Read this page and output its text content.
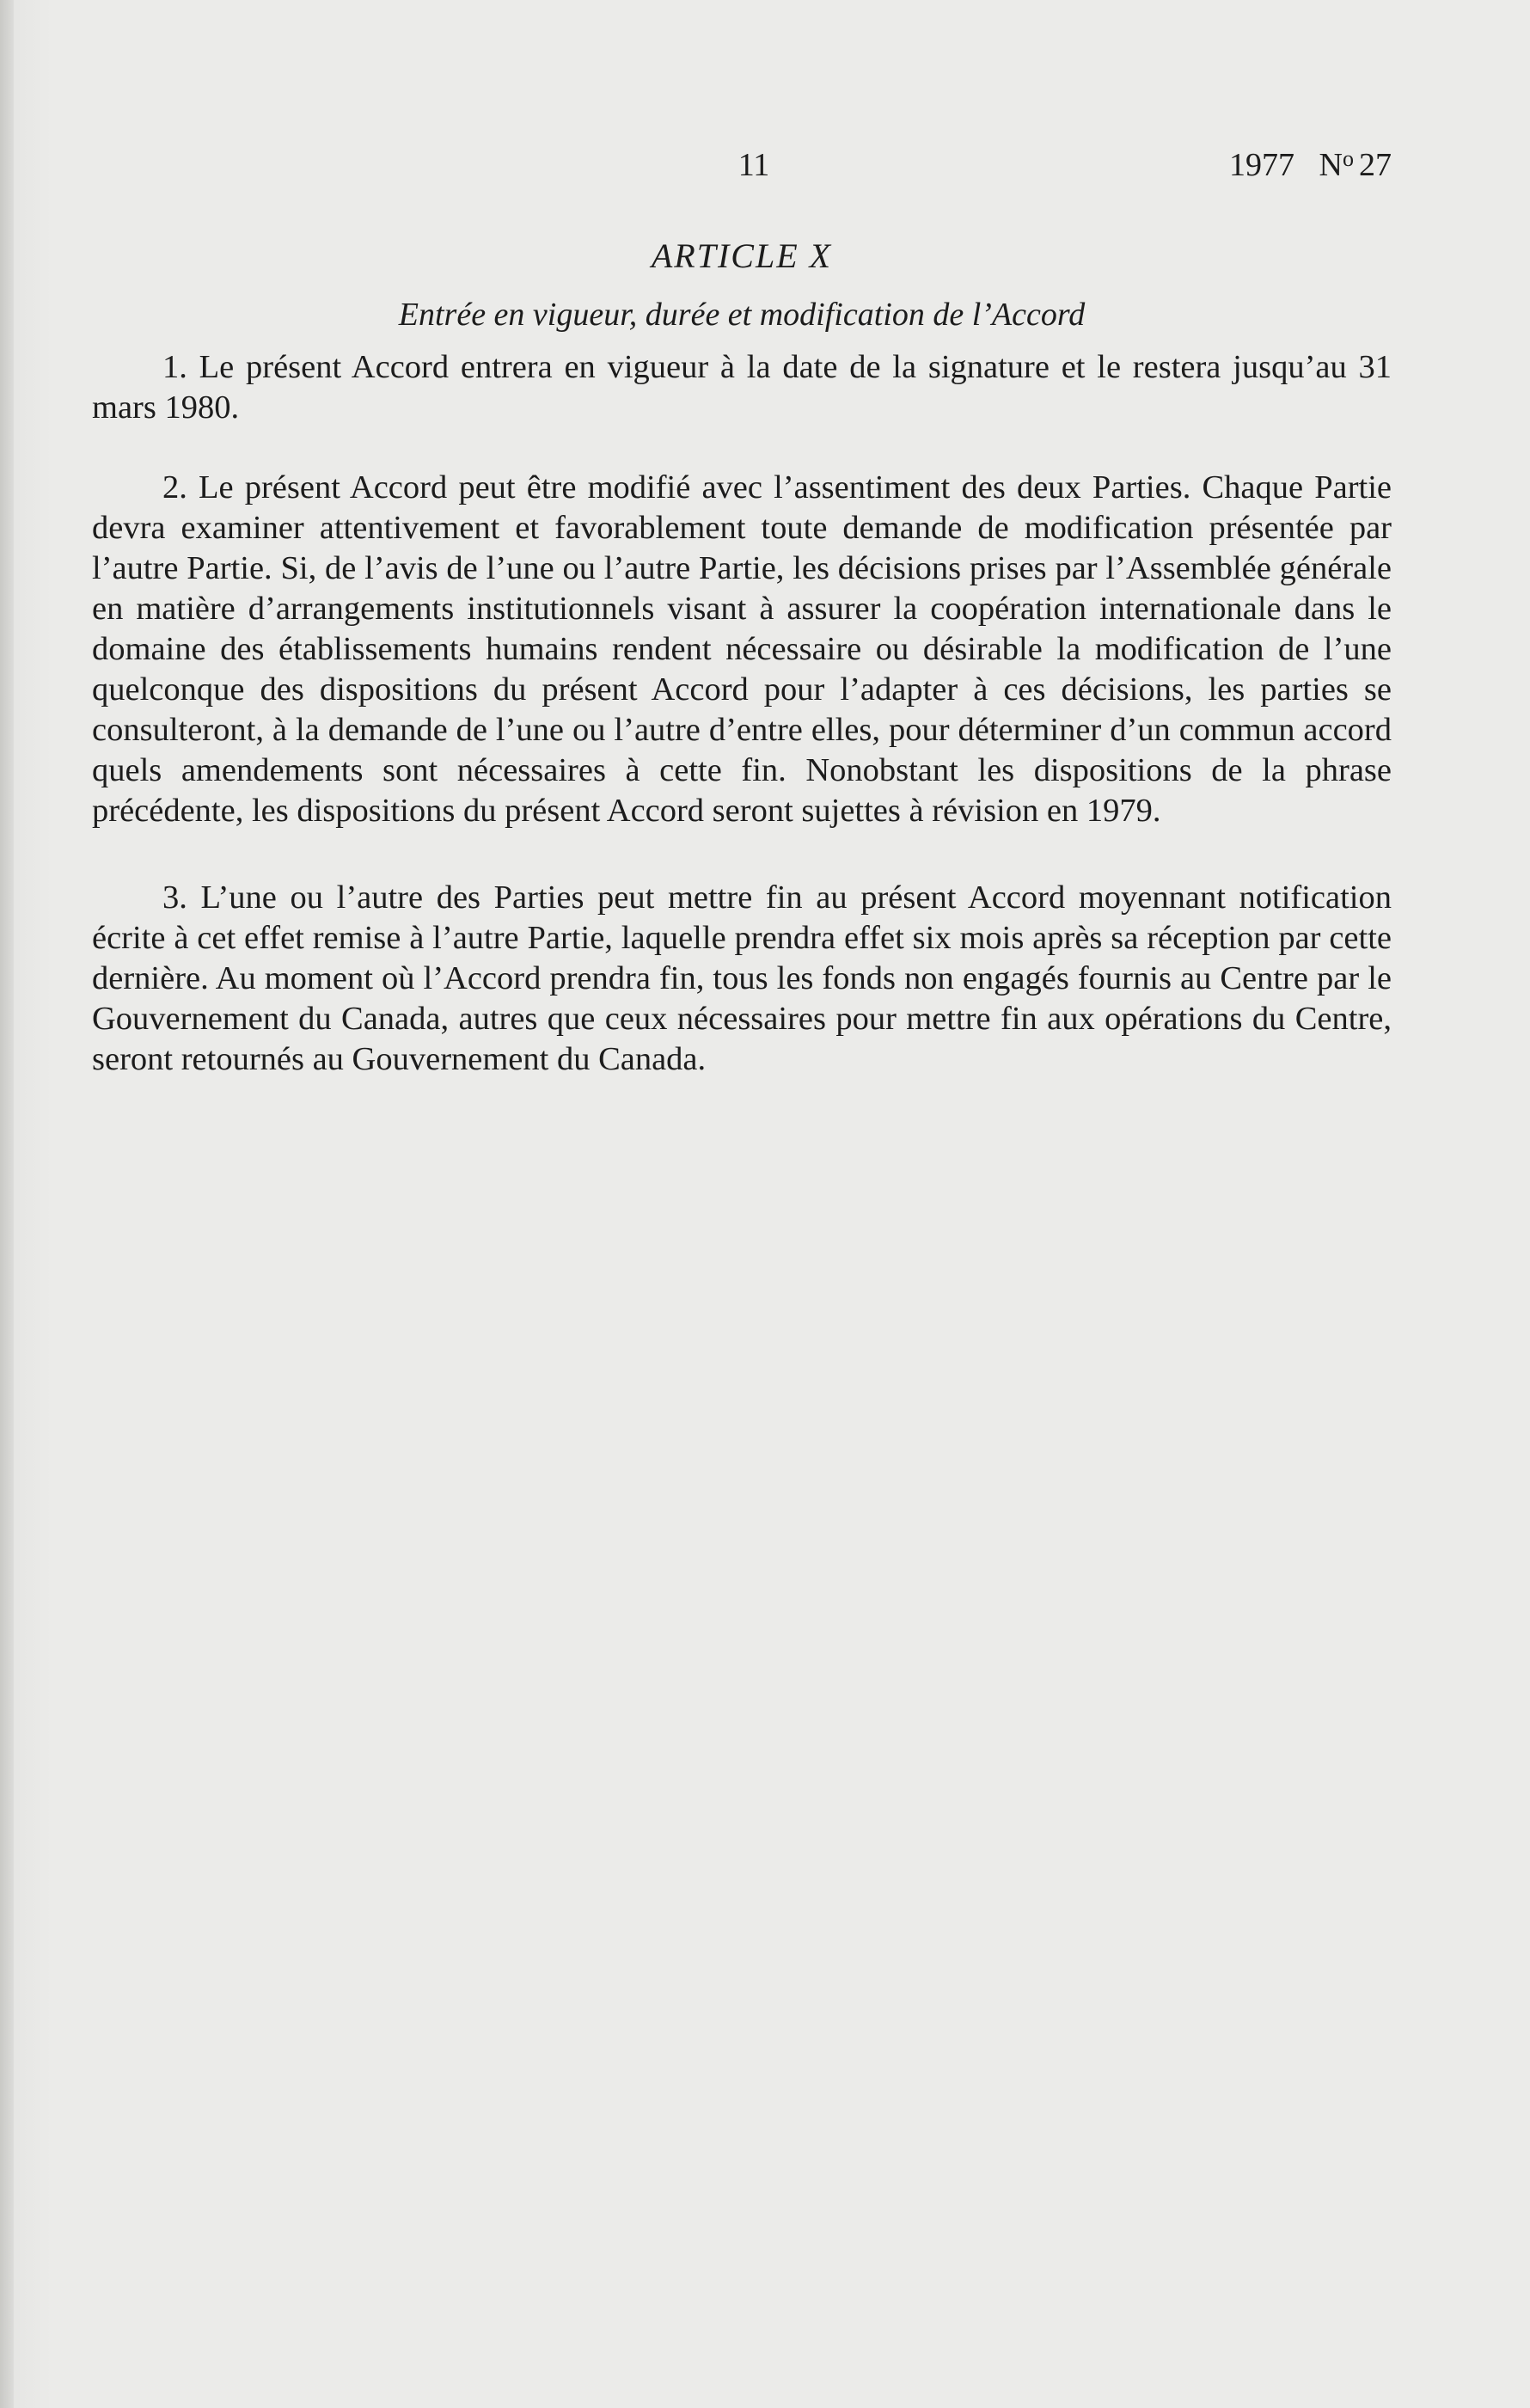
11	1977 $N^o$ 27
ARTICLE X
Entrée en vigueur, durée et modification de l’Accord

1. Le présent Accord entrera en vigueur à la date de la signature et le restera jusqu’au 31 mars 1980.

2. Le présent Accord peut être modifié avec l’assentiment des deux Parties. Chaque Partie devra examiner attentivement et favorablement toute demande de modification présentée par l’autre Partie. Si, de l’avis de l’une ou l’autre Partie, les décisions prises par l’Assemblée générale en matière d’arrangements institutionnels visant à assurer la coopération internationale dans le domaine des établissements humains rendent nécessaire ou désirable la modification de l’une quelconque des dispositions du présent Accord pour l’adapter à ces décisions, les parties se consulteront, à la demande de l’une ou l’autre d’entre elles, pour déterminer d’un commun accord quels amendements sont nécessaires à cette fin. Nonobstant les dispositions de la phrase précédente, les dispositions du présent Accord seront sujettes à révision en 1979.

3. L’une ou l’autre des Parties peut mettre fin au présent Accord moyennant notification écrite à cet effet remise à l’autre Partie, laquelle prendra effet six mois après sa réception par cette dernière. Au moment où l’Accord prendra fin, tous les fonds non engagés fournis au Centre par le Gouvernement du Canada, autres que ceux nécessaires pour mettre fin aux opérations du Centre, seront retournés au Gouvernement du Canada.
